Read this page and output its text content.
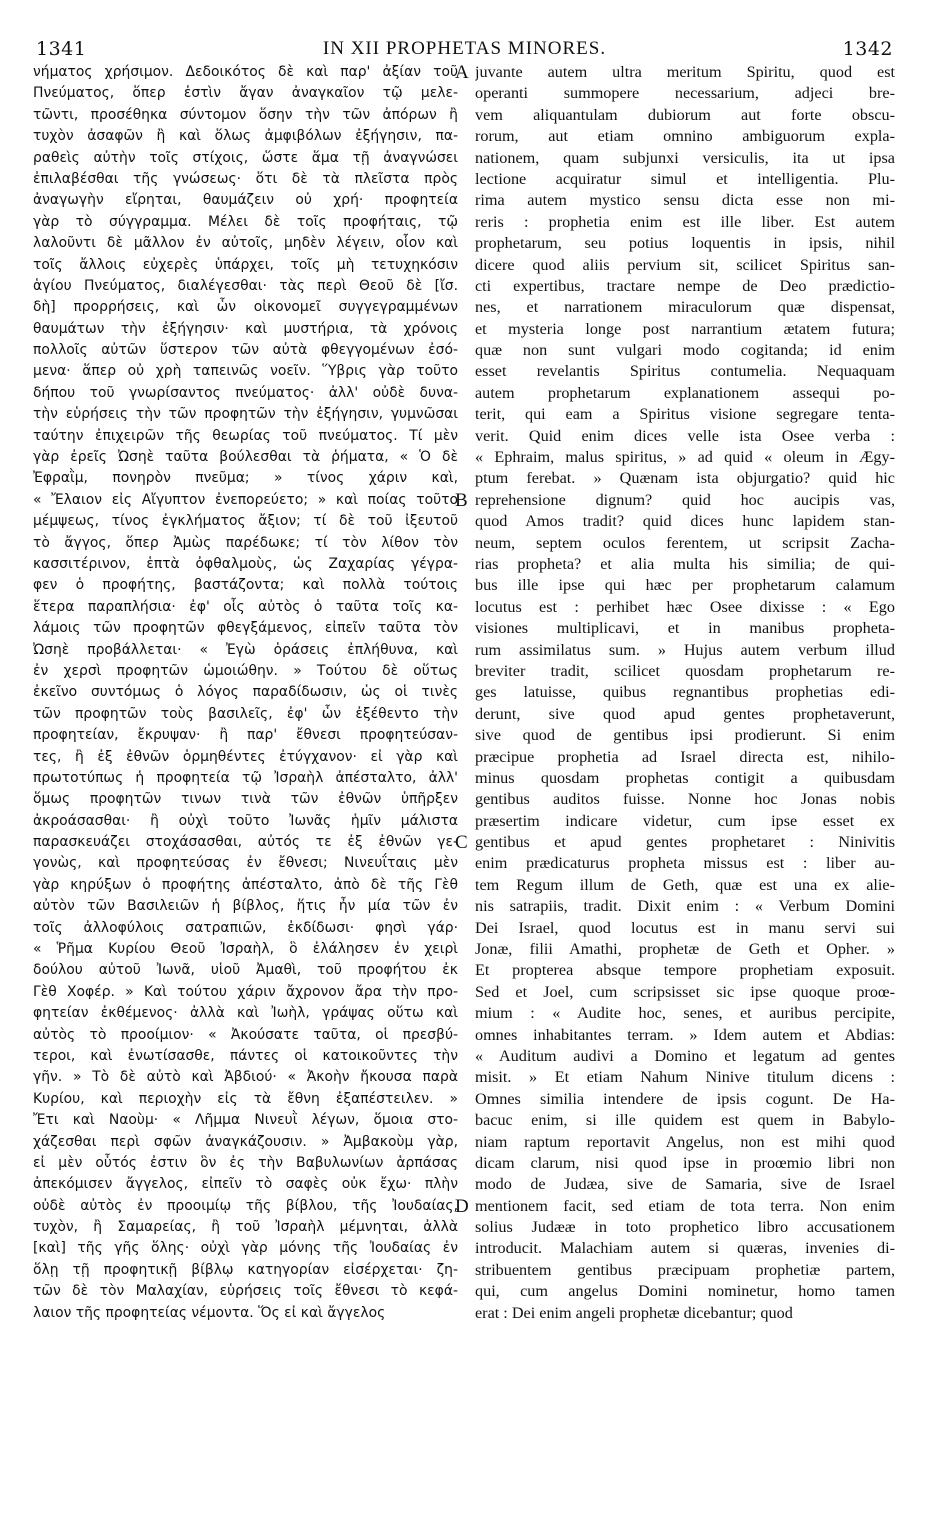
1341	IN XII PROPHETAS MINORES.	1342
νήματος χρήσιμον. Δεδοικότος δὲ καὶ παρ' ἀξίαν τοῦ
Πνεύματος, ὅπερ ἐστὶν ἄγαν ἀναγκαῖον τῷ μελε-
τῶντι, προσέθηκα σύντομον ὅσην τὴν τῶν ἀπόρων ἢ
τυχὸν ἀσαφῶν ἢ καὶ ὅλως ἀμφιβόλων ἐξήγησιν, πα-
ραθεὶς αὐτὴν τοῖς στίχοις, ὥστε ἅμα τῇ ἀναγνώσει
ἐπιλαβέσθαι τῆς γνώσεως· ὅτι δὲ τὰ πλεῖστα πρὸς
ἀναγωγὴν εἴρηται, θαυμάζειν οὐ χρή· προφητεία
γὰρ τὸ σύγγραμμα. Μέλει δὲ τοῖς προφήταις, τῷ
λαλοῦντι δὲ μᾶλλον ἐν αὐτοῖς, μηδὲν λέγειν, οἷον καὶ
τοῖς ἄλλοις εὐχερὲς ὑπάρχει, τοῖς μὴ τετυχηκόσιν
ἁγίου Πνεύματος, διαλέγεσθαι· τὰς περὶ Θεοῦ δὲ [ἴσ.
δὴ] προρρήσεις, καὶ ὧν οἰκονομεῖ συγγεγραμμένων
θαυμάτων τὴν ἐξήγησιν· καὶ μυστήρια, τὰ χρόνοις
πολλοῖς αὐτῶν ὕστερον τῶν αὐτὰ φθεγγομένων ἐσό-
μενα· ἅπερ οὐ χρὴ ταπεινῶς νοεῖν. Ὕβρις γὰρ τοῦτο
δήπου τοῦ γνωρίσαντος πνεύματος· ἀλλ' οὐδὲ δυνα-
τὴν εὑρήσεις τὴν τῶν προφητῶν τὴν ἐξήγησιν, γυμνῶσαι
ταύτην ἐπιχειρῶν τῆς θεωρίας τοῦ πνεύματος. Τί μὲν
γὰρ ἐρεῖς Ὠσηὲ ταῦτα βούλεσθαι τὰ ῥήματα, « Ὁ δὲ
Ἐφραῒμ, πονηρὸν πνεῦμα; » τίνος χάριν καὶ,
« Ἔλαιον εἰς Αἴγυπτον ἐνεπορεύετο; » καὶ ποίας τοῦτο
μέμψεως, τίνος ἐγκλήματος ἄξιον; τί δὲ τοῦ ἰξευτοῦ
τὸ ἄγγος, ὅπερ Ἀμὼς παρέδωκε; τί τὸν λίθον τὸν
κασσιτέρινον, ἑπτὰ ὀφθαλμοὺς, ὡς Ζαχαρίας γέγρα-
φεν ὁ προφήτης, βαστάζοντα; καὶ πολλὰ τούτοις
ἕτερα παραπλήσια· ἐφ' οἷς αὐτὸς ὁ ταῦτα τοῖς κα-
λάμοις τῶν προφητῶν φθεγξάμενος, εἰπεῖν ταῦτα τὸν
Ὠσηὲ προβάλλεται· « Ἐγὼ ὁράσεις ἐπλήθυνα, καὶ
ἐν χερσὶ προφητῶν ὡμοιώθην. » Τούτου δὲ οὕτως
ἐκεῖνο συντόμως ὁ λόγος παραδίδωσιν, ὡς οἱ τινὲς
τῶν προφητῶν τοὺς βασιλεῖς, ἐφ' ὧν ἐξέθεντο τὴν
προφητείαν, ἔκρυψαν· ἢ παρ' ἔθνεσι προφητεύσαν-
τες, ἢ ἐξ ἐθνῶν ὁρμηθέντες ἐτύγχανον· εἰ γὰρ καὶ
πρωτοτύπως ἡ προφητεία τῷ Ἰσραὴλ ἀπέσταλτο, ἀλλ'
ὅμως προφητῶν τινων τινὰ τῶν ἐθνῶν ὑπῆρξεν
ἀκροάσασθαι· ἢ οὐχὶ τοῦτο Ἰωνᾶς ἡμῖν μάλιστα
παρασκευάζει στοχάσασθαι, αὐτός τε ἐξ ἐθνῶν γε-
γονὼς, καὶ προφητεύσας ἐν ἔθνεσι; Νινευΐταις μὲν
γὰρ κηρύξων ὁ προφήτης ἀπέσταλτο, ἀπὸ δὲ τῆς Γὲθ
αὐτὸν τῶν Βασιλειῶν ἡ βίβλος, ἥτις ἦν μία τῶν ἐν
τοῖς ἀλλοφύλοις σατραπιῶν, ἐκδίδωσι· φησὶ γάρ·
« Ῥῆμα Κυρίου Θεοῦ Ἰσραὴλ, ὃ ἐλάλησεν ἐν χειρὶ
δούλου αὐτοῦ Ἰωνᾶ, υἱοῦ Ἀμαθὶ, τοῦ προφήτου ἐκ
Γὲθ Χοφέρ. » Καὶ τούτου χάριν ἄχρονον ἄρα τὴν προ-
φητείαν ἐκθέμενος· ἀλλὰ καὶ Ἰωὴλ, γράψας οὕτω καὶ
αὐτὸς τὸ προοίμιον· « Ἀκούσατε ταῦτα, οἱ πρεσβύ-
τεροι, καὶ ἐνωτίσασθε, πάντες οἱ κατοικοῦντες τὴν
γῆν. » Τὸ δὲ αὐτὸ καὶ Ἀβδιού· « Ἀκοὴν ἤκουσα παρὰ
Κυρίου, καὶ περιοχὴν εἰς τὰ ἔθνη ἐξαπέστειλεν. »
Ἔτι καὶ Ναοὺμ· « Λῆμμα Νινευῒ λέγων, ὅμοια στο-
χάζεσθαι περὶ σφῶν ἀναγκάζουσιν. » Ἀμβακοὺμ γὰρ,
εἰ μὲν οὗτός ἐστιν ὃν ἐς τὴν Βαβυλωνίων ἁρπάσας
ἀπεκόμισεν ἄγγελος, εἰπεῖν τὸ σαφὲς οὐκ ἔχω· πλὴν
οὐδὲ αὐτὸς ἐν προοιμίῳ τῆς βίβλου, τῆς Ἰουδαίας,
τυχὸν, ἢ Σαμαρείας, ἢ τοῦ Ἰσραὴλ μέμνηται, ἀλλὰ
[καὶ] τῆς γῆς ὅλης· οὐχὶ γὰρ μόνης τῆς Ἰουδαίας ἐν
ὅλῃ τῇ προφητικῇ βίβλῳ κατηγορίαν εἰσέρχεται· ζη-
τῶν δὲ τὸν Μαλαχίαν, εὑρήσεις τοῖς ἔθνεσι τὸ κεφά-
λαιον τῆς προφητείας νέμοντα. Ὅς εἰ καὶ ἄγγελος
A
B
C
D
juvante autem ultra meritum Spiritu, quod est
operanti summopere necessarium, adjeci bre-
vem aliquantulam dubiorum aut forte obscu-
rorum, aut etiam omnino ambiguorum expla-
nationem, quam subjunxi versiculis, ita ut ipsa
lectione acquiratur simul et intelligentia. Plu-
rima autem mystico sensu dicta esse non mi-
reris : prophetia enim est ille liber. Est autem
prophetarum, seu potius loquentis in ipsis, nihil
dicere quod aliis pervium sit, scilicet Spiritus san-
cti expertibus, tractare nempe de Deo prædictio-
nes, et narrationem miraculorum quæ dispensat,
et mysteria longe post narrantium ætatem futura;
quæ non sunt vulgari modo cogitanda; id enim
esset revelantis Spiritus contumelia. Nequaquam
autem prophetarum explanationem assequi po-
terit, qui eam a Spiritus visione segregare tenta-
verit. Quid enim dices velle ista Osee verba :
« Ephraim, malus spiritus, » ad quid « oleum in Ægy-
ptum ferebat. » Quænam ista objurgatio? quid hic
reprehensione dignum? quid hoc aucipis vas,
quod Amos tradit? quid dices hunc lapidem stan-
neum, septem oculos ferentem, ut scripsit Zacha-
rias propheta? et alia multa his similia; de qui-
bus ille ipse qui hæc per prophetarum calamum
locutus est : perhibet hæc Osee dixisse : « Ego
visiones multiplicavi, et in manibus propheta-
rum assimilatus sum. » Hujus autem verbum illud
breviter tradit, scilicet quosdam prophetarum re-
ges latuisse, quibus regnantibus prophetias edi-
derunt, sive quod apud gentes prophetaverunt,
sive quod de gentibus ipsi prodierunt. Si enim
præcipue prophetia ad Israel directa est, nihilo-
minus quosdam prophetas contigit a quibusdam
gentibus auditos fuisse. Nonne hoc Jonas nobis
præsertim indicare videtur, cum ipse esset ex
gentibus et apud gentes prophetaret : Ninivitis
enim prædicaturus propheta missus est : liber au-
tem Regum illum de Geth, quæ est una ex alie-
nis satrapiis, tradit. Dixit enim : « Verbum Domini
Dei Israel, quod locutus est in manu servi sui
Jonæ, filii Amathi, prophetæ de Geth et Opher. »
Et propterea absque tempore prophetiam exposuit.
Sed et Joel, cum scripsisset sic ipse quoque proœ-
mium : « Audite hoc, senes, et auribus percipite,
omnes inhabitantes terram. » Idem autem et Abdias:
« Auditum audivi a Domino et legatum ad gentes
misit. » Et etiam Nahum Ninive titulum dicens :
Omnes similia intendere de ipsis cogunt. De Ha-
bacuc enim, si ille quidem est quem in Babylo-
niam raptum reportavit Angelus, non est mihi quod
dicam clarum, nisi quod ipse in proœmio libri non
modo de Judæa, sive de Samaria, sive de Israel
mentionem facit, sed etiam de tota terra. Non enim
solius Judææ in toto prophetico libro accusationem
introducit. Malachiam autem si quæras, invenies di-
stribuentem gentibus præcipuam prophetiæ partem,
qui, cum angelus Domini nominetur, homo tamen
erat : Dei enim angeli prophetæ dicebantur; quod
